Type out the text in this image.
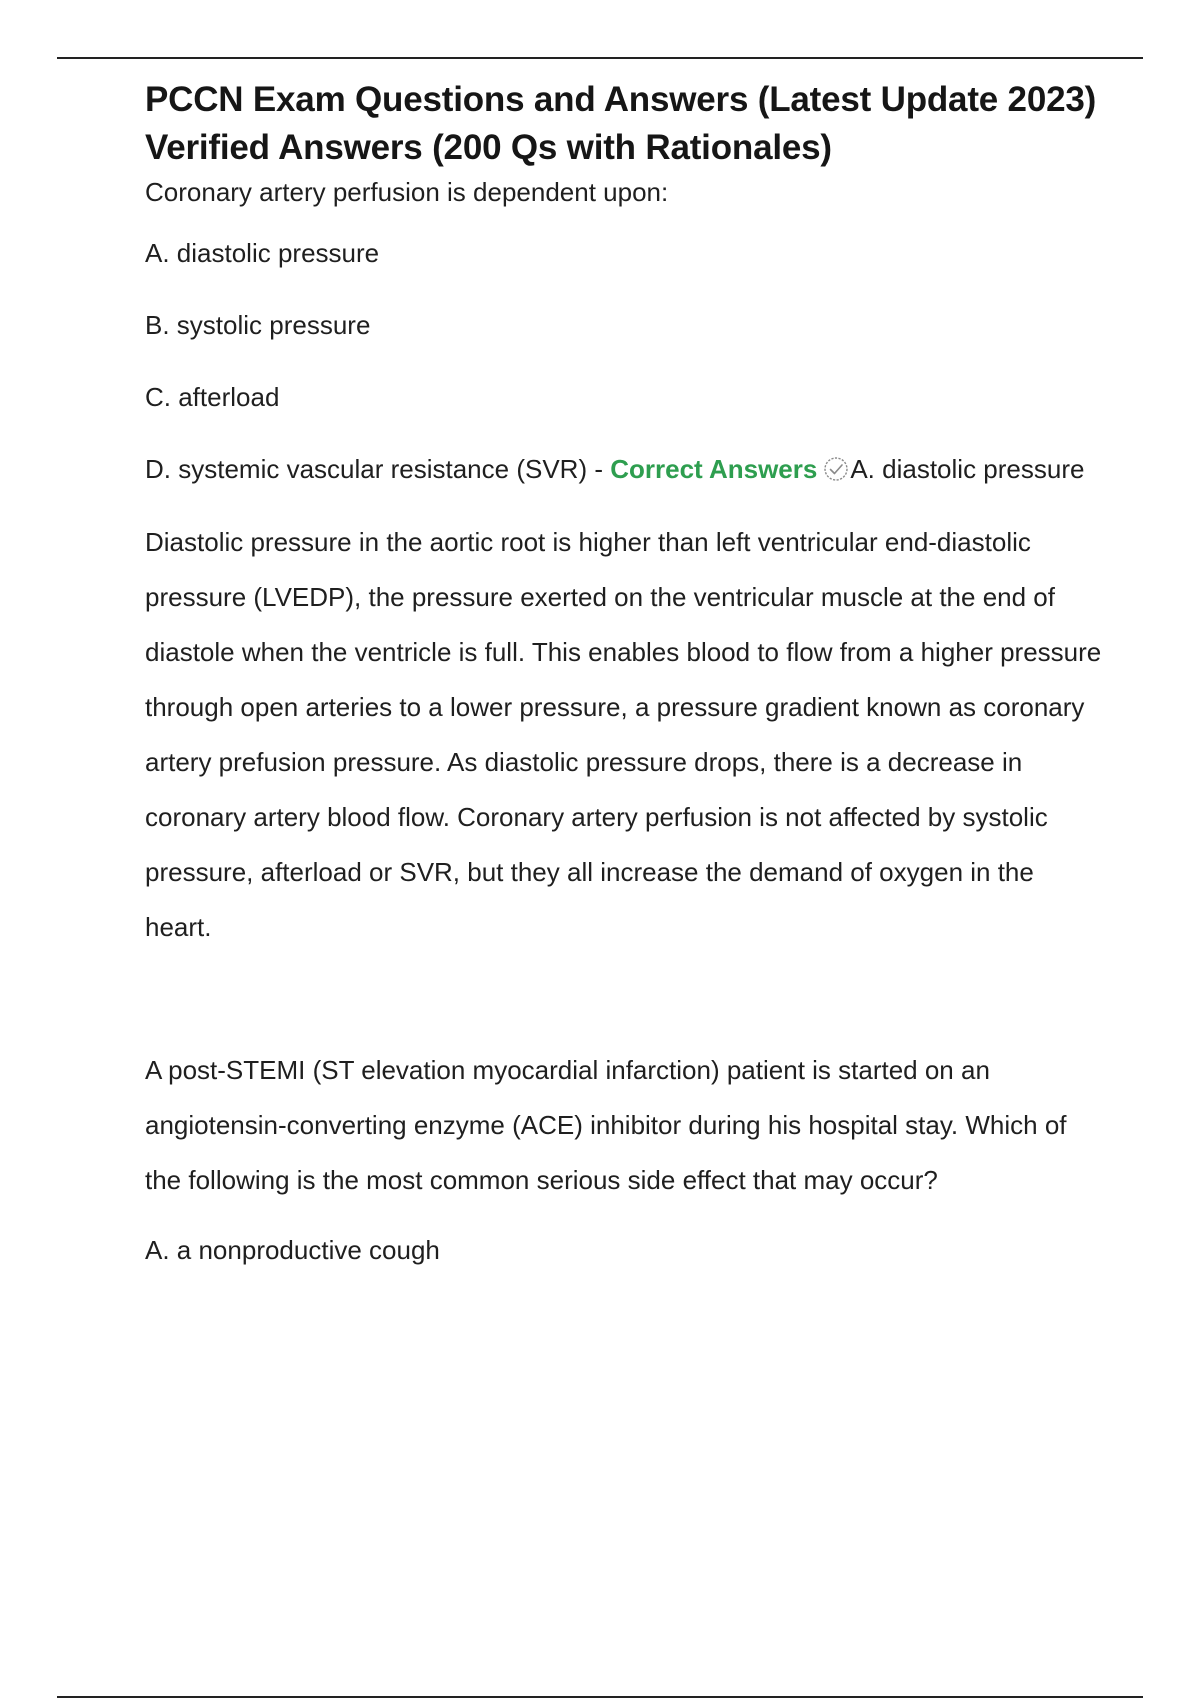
PCCN Exam Questions and Answers (Latest Update 2023) Verified Answers (200 Qs with Rationales)

Coronary artery perfusion is dependent upon:

A. diastolic pressure

B. systolic pressure

C. afterload

D. systemic vascular resistance (SVR) - Correct Answers A. diastolic pressure

Diastolic pressure in the aortic root is higher than left ventricular end-diastolic pressure (LVEDP), the pressure exerted on the ventricular muscle at the end of diastole when the ventricle is full. This enables blood to flow from a higher pressure through open arteries to a lower pressure, a pressure gradient known as coronary artery prefusion pressure. As diastolic pressure drops, there is a decrease in coronary artery blood flow. Coronary artery perfusion is not affected by systolic pressure, afterload or SVR, but they all increase the demand of oxygen in the heart.

A post-STEMI (ST elevation myocardial infarction) patient is started on an angiotensin-converting enzyme (ACE) inhibitor during his hospital stay. Which of the following is the most common serious side effect that may occur?

A. a nonproductive cough
